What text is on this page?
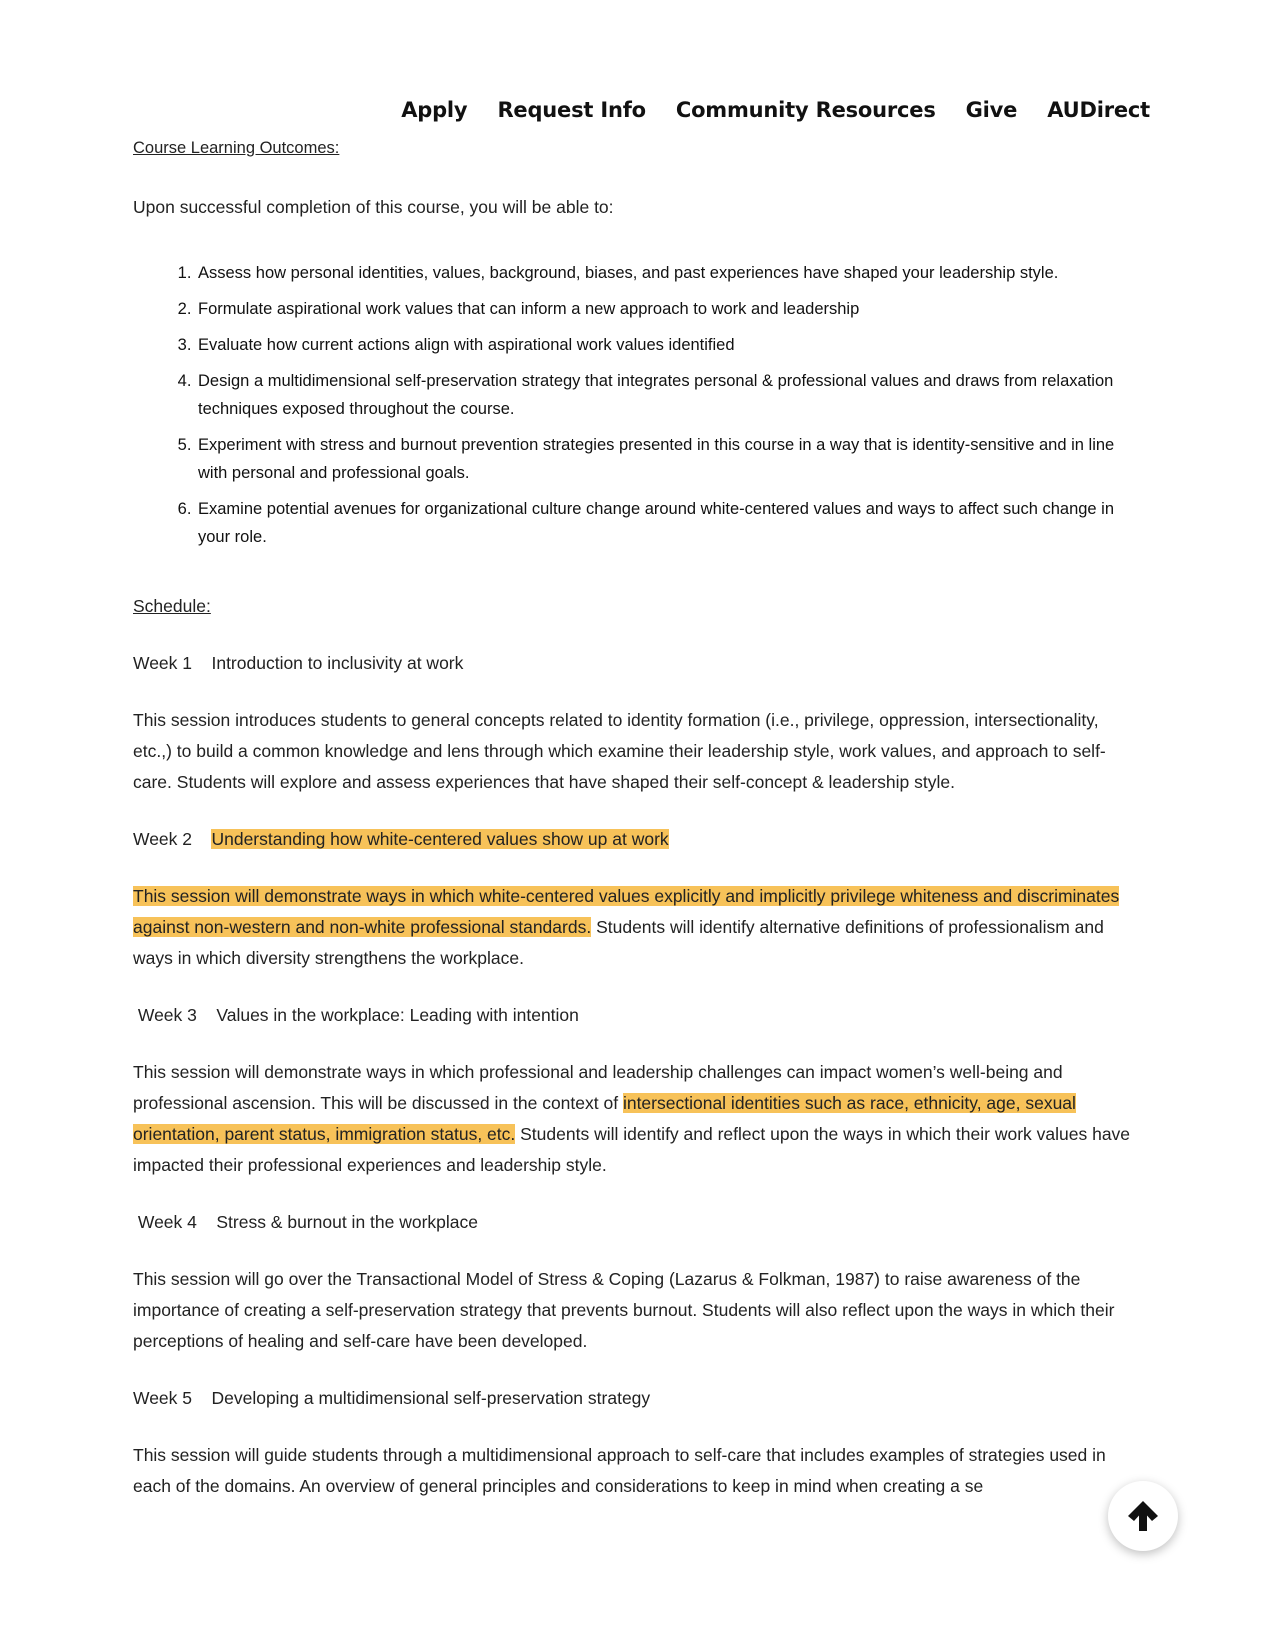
Apply Request Info Community Resources Give AUDirect
Course Learning Outcomes:
Upon successful completion of this course, you will be able to:
1. Assess how personal identities, values, background, biases, and past experiences have shaped your leadership style.
2. Formulate aspirational work values that can inform a new approach to work and leadership
3. Evaluate how current actions align with aspirational work values identified
4. Design a multidimensional self-preservation strategy that integrates personal & professional values and draws from relaxation techniques exposed throughout the course.
5. Experiment with stress and burnout prevention strategies presented in this course in a way that is identity-sensitive and in line with personal and professional goals.
6. Examine potential avenues for organizational culture change around white-centered values and ways to affect such change in your role.
Schedule:
Week 1 Introduction to inclusivity at work
This session introduces students to general concepts related to identity formation (i.e., privilege, oppression, intersectionality, etc.,) to build a common knowledge and lens through which examine their leadership style, work values, and approach to self-care. Students will explore and assess experiences that have shaped their self-concept & leadership style.
Week 2 Understanding how white-centered values show up at work
This session will demonstrate ways in which white-centered values explicitly and implicitly privilege whiteness and discriminates against non-western and non-white professional standards. Students will identify alternative definitions of professionalism and ways in which diversity strengthens the workplace.
Week 3 Values in the workplace: Leading with intention
This session will demonstrate ways in which professional and leadership challenges can impact women’s well-being and professional ascension. This will be discussed in the context of intersectional identities such as race, ethnicity, age, sexual orientation, parent status, immigration status, etc. Students will identify and reflect upon the ways in which their work values have impacted their professional experiences and leadership style.
Week 4 Stress & burnout in the workplace
This session will go over the Transactional Model of Stress & Coping (Lazarus & Folkman, 1987) to raise awareness of the importance of creating a self-preservation strategy that prevents burnout. Students will also reflect upon the ways in which their perceptions of healing and self-care have been developed.
Week 5 Developing a multidimensional self-preservation strategy
This session will guide students through a multidimensional approach to self-care that includes examples of strategies used in each of the domains. An overview of general principles and considerations to keep in mind when creating a se
